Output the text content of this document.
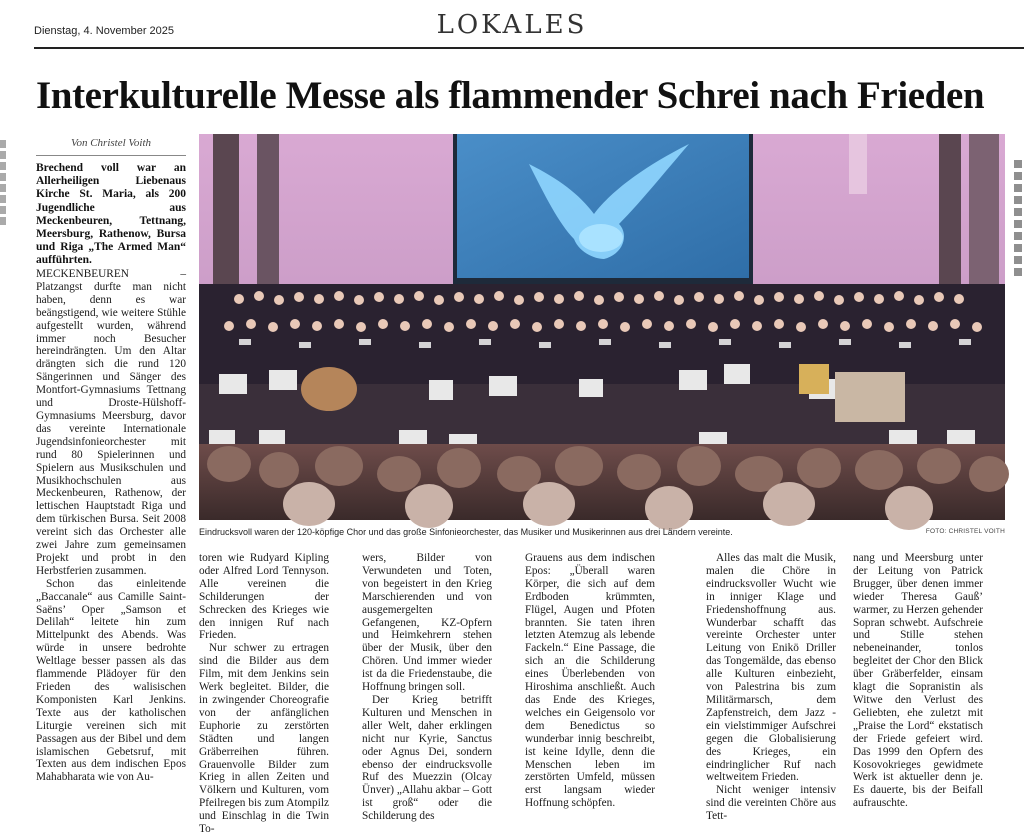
Dienstag, 4. November 2025	LOKALES
Interkulturelle Messe als flammender Schrei nach Frieden
Von Christel Voith
Brechend voll war an Allerheiligen Liebenaus Kirche St. Maria, als 200 Jugendliche aus Meckenbeuren, Tettnang, Meersburg, Rathenow, Bursa und Riga „The Armed Man“ aufführten.

MECKENBEUREN – Platzangst durfte man nicht haben, denn es war beängstigend, wie weitere Stühle aufgestellt wurden, während immer noch Besucher hereindrängten. Um den Altar drängten sich die rund 120 Sängerinnen und Sänger des Montfort-Gymnasiums Tettnang und Droste-Hülshoff-Gymnasiums Meersburg, davor das vereinte Internationale Jugendsinfonieorchester mit rund 80 Spielerinnen und Spielern aus Musikschulen und Musikhochschulen aus Meckenbeuren, Rathenow, der lettischen Hauptstadt Riga und dem türkischen Bursa. Seit 2008 vereint sich das Orchester alle zwei Jahre zum gemeinsamen Projekt und probt in den Herbstferien zusammen.

Schon das einleitende „Baccanale“ aus Camille Saint-Saëns’ Oper „Samson et Delilah“ leitete hin zum Mittelpunkt des Abends. Was würde in unsere bedrohte Weltlage besser passen als das flammende Plädoyer für den Frieden des walisischen Komponisten Karl Jenkins. Texte aus der katholischen Liturgie vereinen sich mit Passagen aus der Bibel und dem islamischen Gebetsruf, mit Texten aus dem indischen Epos Mahabharata wie von Au-

Eindrucksvoll waren der 120-köpfige Chor und das große Sinfonieorchester, das Musiker und Musikerinnen aus drei Ländern vereinte.	FOTO: CHRISTEL VOITH

toren wie Rudyard Kipling oder Alfred Lord Tennyson. Alle vereinen die Schilderungen der Schrecken des Krieges wie den innigen Ruf nach Frieden.

Nur schwer zu ertragen sind die Bilder aus dem Film, mit dem Jenkins sein Werk begleitet. Bilder, die in zwingender Choreografie von der anfänglichen Euphorie zu zerstörten Städten und langen Gräberreihen führen. Grauenvolle Bilder zum Krieg in allen Zeiten und Völkern und Kulturen, vom Pfeilregen bis zum Atompilz und Einschlag in die Twin To-

wers, Bilder von Verwundeten und Toten, von begeistert in den Krieg Marschierenden und von ausgemergelten Gefangenen, KZ-Opfern und Heimkehrern stehen über der Musik, über den Chören. Und immer wieder ist da die Friedenstaube, die Hoffnung bringen soll.

Der Krieg betrifft Kulturen und Menschen in aller Welt, daher erklingen nicht nur Kyrie, Sanctus oder Agnus Dei, sondern ebenso der eindrucksvolle Ruf des Muezzin (Olcay Ünver) „Allahu akbar – Gott ist groß“ oder die Schilderung des

Grauens aus dem indischen Epos: „Überall waren Körper, die sich auf dem Erdboden krümmten, Flügel, Augen und Pfoten brannten. Sie taten ihren letzten Atemzug als lebende Fackeln.“ Eine Passage, die sich an die Schilderung eines Überlebenden von Hiroshima anschließt. Auch das Ende des Krieges, welches ein Geigensolo vor dem Benedictus so wunderbar innig beschreibt, ist keine Idylle, denn die Menschen leben im zerstörten Umfeld, müssen erst langsam wieder Hoffnung schöpfen.

Alles das malt die Musik, malen die Chöre in eindrucksvoller Wucht wie in inniger Klage und Friedenshoffnung aus. Wunderbar schafft das vereinte Orchester unter Leitung von Enikö Driller das Tongemälde, das ebenso alle Kulturen einbezieht, von Palestrina bis zum Militärmarsch, dem Zapfenstreich, dem Jazz - ein vielstimmiger Aufschrei gegen die Globalisierung des Krieges, ein eindringlicher Ruf nach weltweitem Frieden.

Nicht weniger intensiv sind die vereinten Chöre aus Tett-

nang und Meersburg unter der Leitung von Patrick Brugger, über denen immer wieder Theresa Gauß’ warmer, zu Herzen gehender Sopran schwebt. Aufschreie und Stille stehen nebeneinander, tonlos begleitet der Chor den Blick über Gräberfelder, einsam klagt die Sopranistin als Witwe den Verlust des Geliebten, ehe zuletzt mit „Praise the Lord“ ekstatisch der Friede gefeiert wird. Das 1999 den Opfern des Kosovokrieges gewidmete Werk ist aktueller denn je. Es dauerte, bis der Beifall aufrauschte.
